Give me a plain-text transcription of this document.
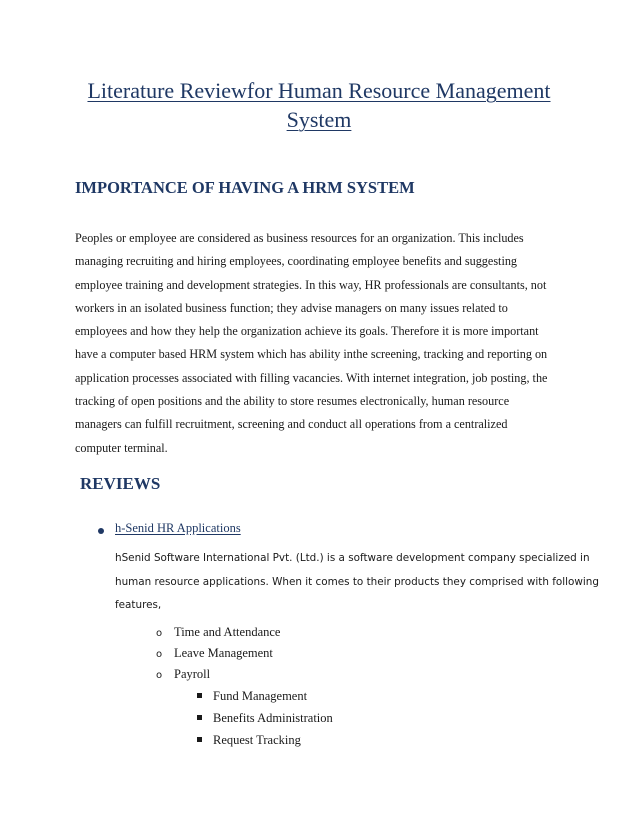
Literature Reviewfor Human Resource Management
System
IMPORTANCE OF HAVING A HRM SYSTEM

Peoples or employee are considered as business resources for an organization. This includes
managing recruiting and hiring employees, coordinating employee benefits and suggesting
employee training and development strategies. In this way, HR professionals are consultants, not
workers in an isolated business function; they advise managers on many issues related to
employees and how they help the organization achieve its goals. Therefore it is more important
have a computer based HRM system which has ability inthe screening, tracking and reporting on
application processes associated with filling vacancies. With internet integration, job posting, the
tracking of open positions and the ability to store resumes electronically, human resource
managers can fulfill recruitment, screening and conduct all operations from a centralized
computer terminal.

REVIEWS
h-Senid HR Applications

hSenid Software International Pvt. (Ltd.) is a software development company specialized in
human resource applications. When it comes to their products they comprised with following
features,

o Time and Attendance
o Leave Management
o Payroll
Fund Management
Benefits Administration
Request Tracking
